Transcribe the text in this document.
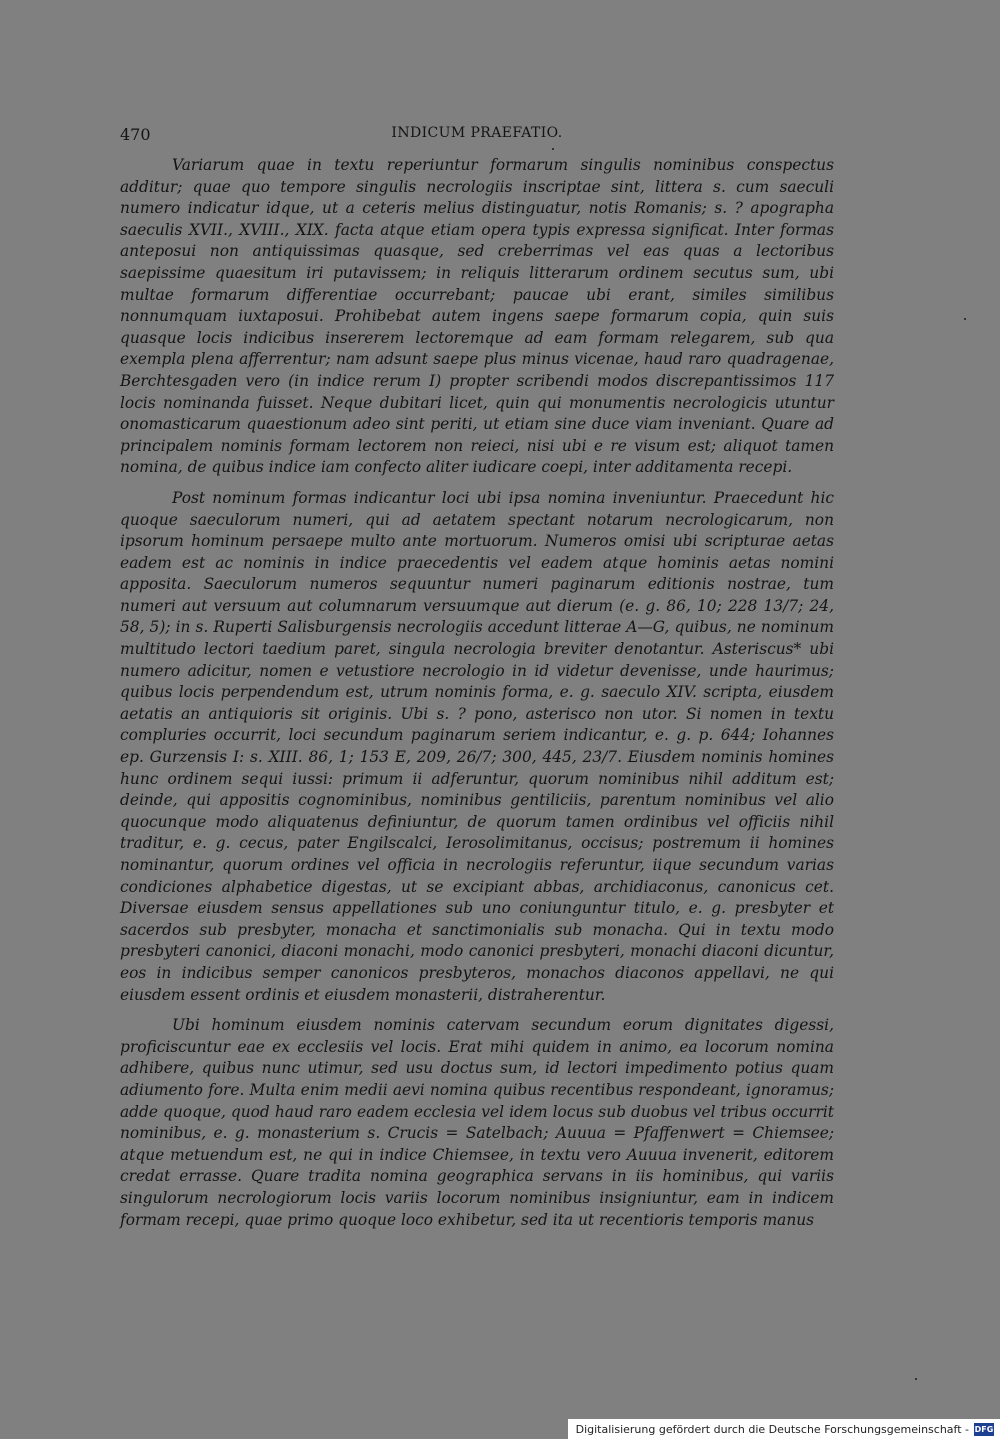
470	INDICUM PRAEFATIO.

Variarum quae in textu reperiuntur formarum singulis nominibus conspectus additur; quae quo tempore singulis necrologiis inscriptae sint, littera s. cum saeculi numero indicatur idque, ut a ceteris melius distinguatur, notis Romanis; s. ? apographa saeculis XVII., XVIII., XIX. facta atque etiam opera typis expressa significat. Inter formas anteposui non antiquissimas quasque, sed creberrimas vel eas quas a lectoribus saepissime quaesitum iri putavissem; in reliquis litterarum ordinem secutus sum, ubi multae formarum differentiae occurrebant; paucae ubi erant, similes similibus nonnumquam iuxtaposui. Prohibebat autem ingens saepe formarum copia, quin suis quasque locis indicibus insererem lectoremque ad eam formam relegarem, sub qua exempla plena afferrentur; nam adsunt saepe plus minus vicenae, haud raro quadragenae, Berchtesgaden vero (in indice rerum I) propter scribendi modos discrepantissimos 117 locis nominanda fuisset. Neque dubitari licet, quin qui monumentis necrologicis utuntur onomasticarum quaestionum adeo sint periti, ut etiam sine duce viam inveniant. Quare ad principalem nominis formam lectorem non reieci, nisi ubi e re visum est; aliquot tamen nomina, de quibus indice iam confecto aliter iudicare coepi, inter additamenta recepi.

Post nominum formas indicantur loci ubi ipsa nomina inveniuntur. Praecedunt hic quoque saeculorum numeri, qui ad aetatem spectant notarum necrologicarum, non ipsorum hominum persaepe multo ante mortuorum. Numeros omisi ubi scripturae aetas eadem est ac nominis in indice praecedentis vel eadem atque hominis aetas nomini apposita. Saeculorum numeros sequuntur numeri paginarum editionis nostrae, tum numeri aut versuum aut columnarum versuumque aut dierum (e. g. 86, 10; 228 13/7; 24, 58, 5); in s. Ruperti Salisburgensis necrologiis accedunt litterae A—G, quibus, ne nominum multitudo lectori taedium paret, singula necrologia breviter denotantur. Asteriscus* ubi numero adicitur, nomen e vetustiore necrologio in id videtur devenisse, unde haurimus; quibus locis perpendendum est, utrum nominis forma, e. g. saeculo XIV. scripta, eiusdem aetatis an antiquioris sit originis. Ubi s. ? pono, asterisco non utor. Si nomen in textu compluries occurrit, loci secundum paginarum seriem indicantur, e. g. p. 644; Iohannes ep. Gurzensis I: s. XIII. 86, 1; 153 E, 209, 26/7; 300, 445, 23/7. Eiusdem nominis homines hunc ordinem sequi iussi: primum ii adferuntur, quorum nominibus nihil additum est; deinde, qui appositis cognominibus, nominibus gentiliciis, parentum nominibus vel alio quocunque modo aliquatenus definiuntur, de quorum tamen ordinibus vel officiis nihil traditur, e. g. cecus, pater Engilscalci, Ierosolimitanus, occisus; postremum ii homines nominantur, quorum ordines vel officia in necrologiis referuntur, iique secundum varias condiciones alphabetice digestas, ut se excipiant abbas, archidiaconus, canonicus cet. Diversae eiusdem sensus appellationes sub uno coniunguntur titulo, e. g. presbyter et sacerdos sub presbyter, monacha et sanctimonialis sub monacha. Qui in textu modo presbyteri canonici, diaconi monachi, modo canonici presbyteri, monachi diaconi dicuntur, eos in indicibus semper canonicos presbyteros, monachos diaconos appellavi, ne qui eiusdem essent ordinis et eiusdem monasterii, distraherentur.

Ubi hominum eiusdem nominis catervam secundum eorum dignitates digessi, proficiscuntur eae ex ecclesiis vel locis. Erat mihi quidem in animo, ea locorum nomina adhibere, quibus nunc utimur, sed usu doctus sum, id lectori impedimento potius quam adiumento fore. Multa enim medii aevi nomina quibus recentibus respondeant, ignoramus; adde quoque, quod haud raro eadem ecclesia vel idem locus sub duobus vel tribus occurrit nominibus, e. g. monasterium s. Crucis = Satelbach; Auuua = Pfaffenwert = Chiemsee; atque metuendum est, ne qui in indice Chiemsee, in textu vero Auuua invenerit, editorem credat errasse. Quare tradita nomina geographica servans in iis hominibus, qui variis singulorum necrologiorum locis variis locorum nominibus insigniuntur, eam in indicem formam recepi, quae primo quoque loco exhibetur, sed ita ut recentioris temporis manus

Digitalisierung gefördert durch die Deutsche Forschungsgemeinschaft - DFG
